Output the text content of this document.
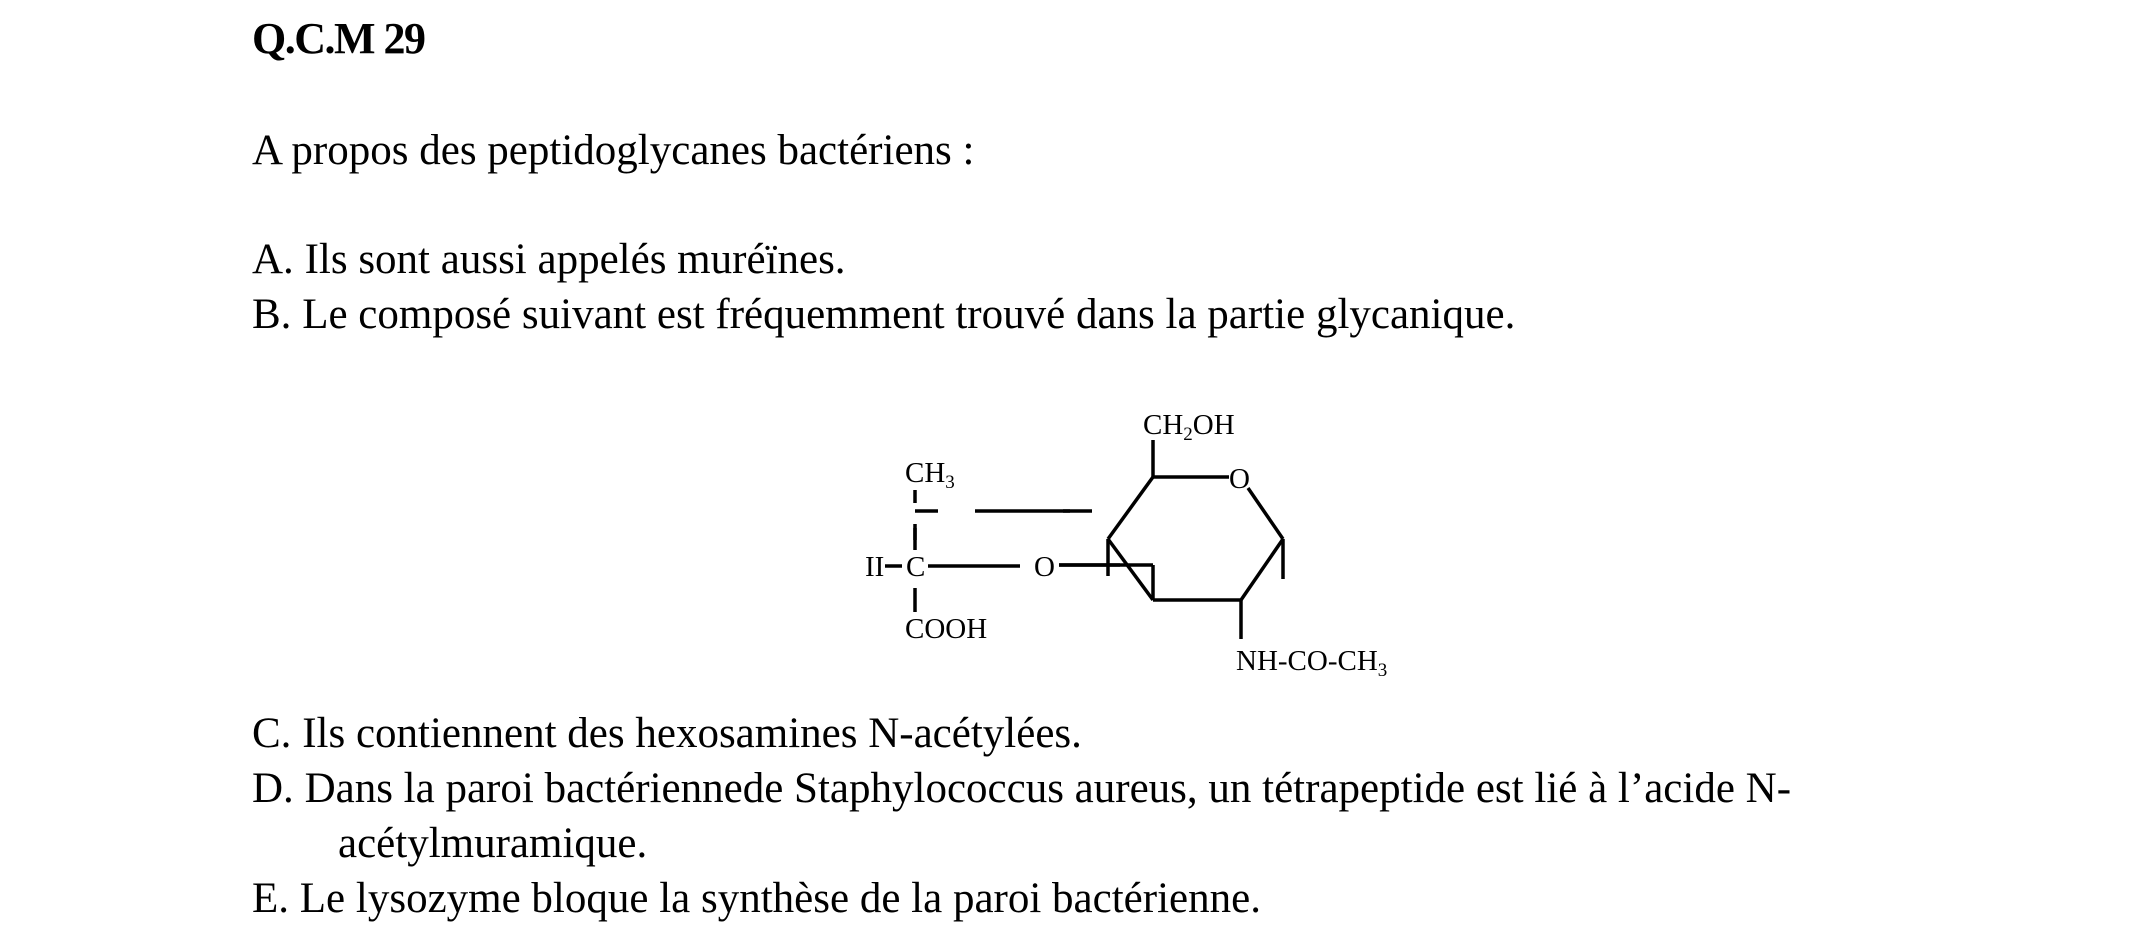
Q.C.M 29
A propos des peptidoglycanes bactériens :
A. Ils sont aussi appelés muréïnes.
B. Le composé suivant est fréquemment trouvé dans la partie glycanique.
$CH_2OH$
O
$CH_3$
II C
COOH
O
$NH-CO-CH_3$
C. Ils contiennent des hexosamines N-acétylées.
D. Dans la paroi bactériennede Staphylococcus aureus, un tétrapeptide est lié à l’acide N-
acétylmuramique.
E. Le lysozyme bloque la synthèse de la paroi bactérienne.
